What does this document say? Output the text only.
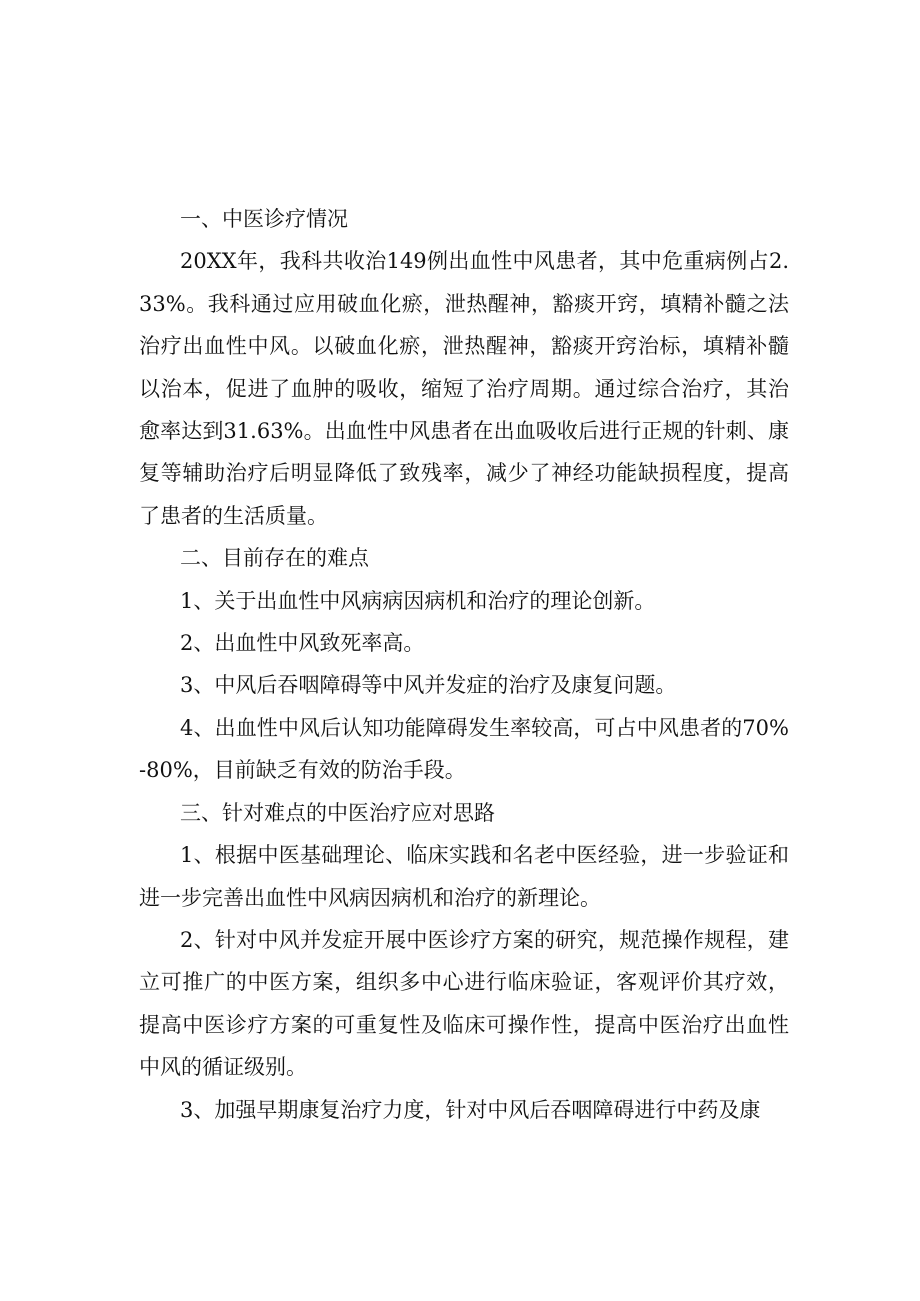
一、中医诊疗情况

20XX年，我科共收治149例出血性中风患者，其中危重病例占2.33%。我科通过应用破血化瘀，泄热醒神，豁痰开窍，填精补髓之法治疗出血性中风。以破血化瘀，泄热醒神，豁痰开窍治标，填精补髓以治本，促进了血肿的吸收，缩短了治疗周期。通过综合治疗，其治愈率达到31.63%。出血性中风患者在出血吸收后进行正规的针刺、康复等辅助治疗后明显降低了致残率，减少了神经功能缺损程度，提高了患者的生活质量。

二、目前存在的难点

1、关于出血性中风病病因病机和治疗的理论创新。

2、出血性中风致死率高。

3、中风后吞咽障碍等中风并发症的治疗及康复问题。

4、出血性中风后认知功能障碍发生率较高，可占中风患者的70%-80%，目前缺乏有效的防治手段。

三、针对难点的中医治疗应对思路

1、根据中医基础理论、临床实践和名老中医经验，进一步验证和进一步完善出血性中风病因病机和治疗的新理论。

2、针对中风并发症开展中医诊疗方案的研究，规范操作规程，建立可推广的中医方案，组织多中心进行临床验证，客观评价其疗效，提高中医诊疗方案的可重复性及临床可操作性，提高中医治疗出血性中风的循证级别。

3、加强早期康复治疗力度，针对中风后吞咽障碍进行中药及康
